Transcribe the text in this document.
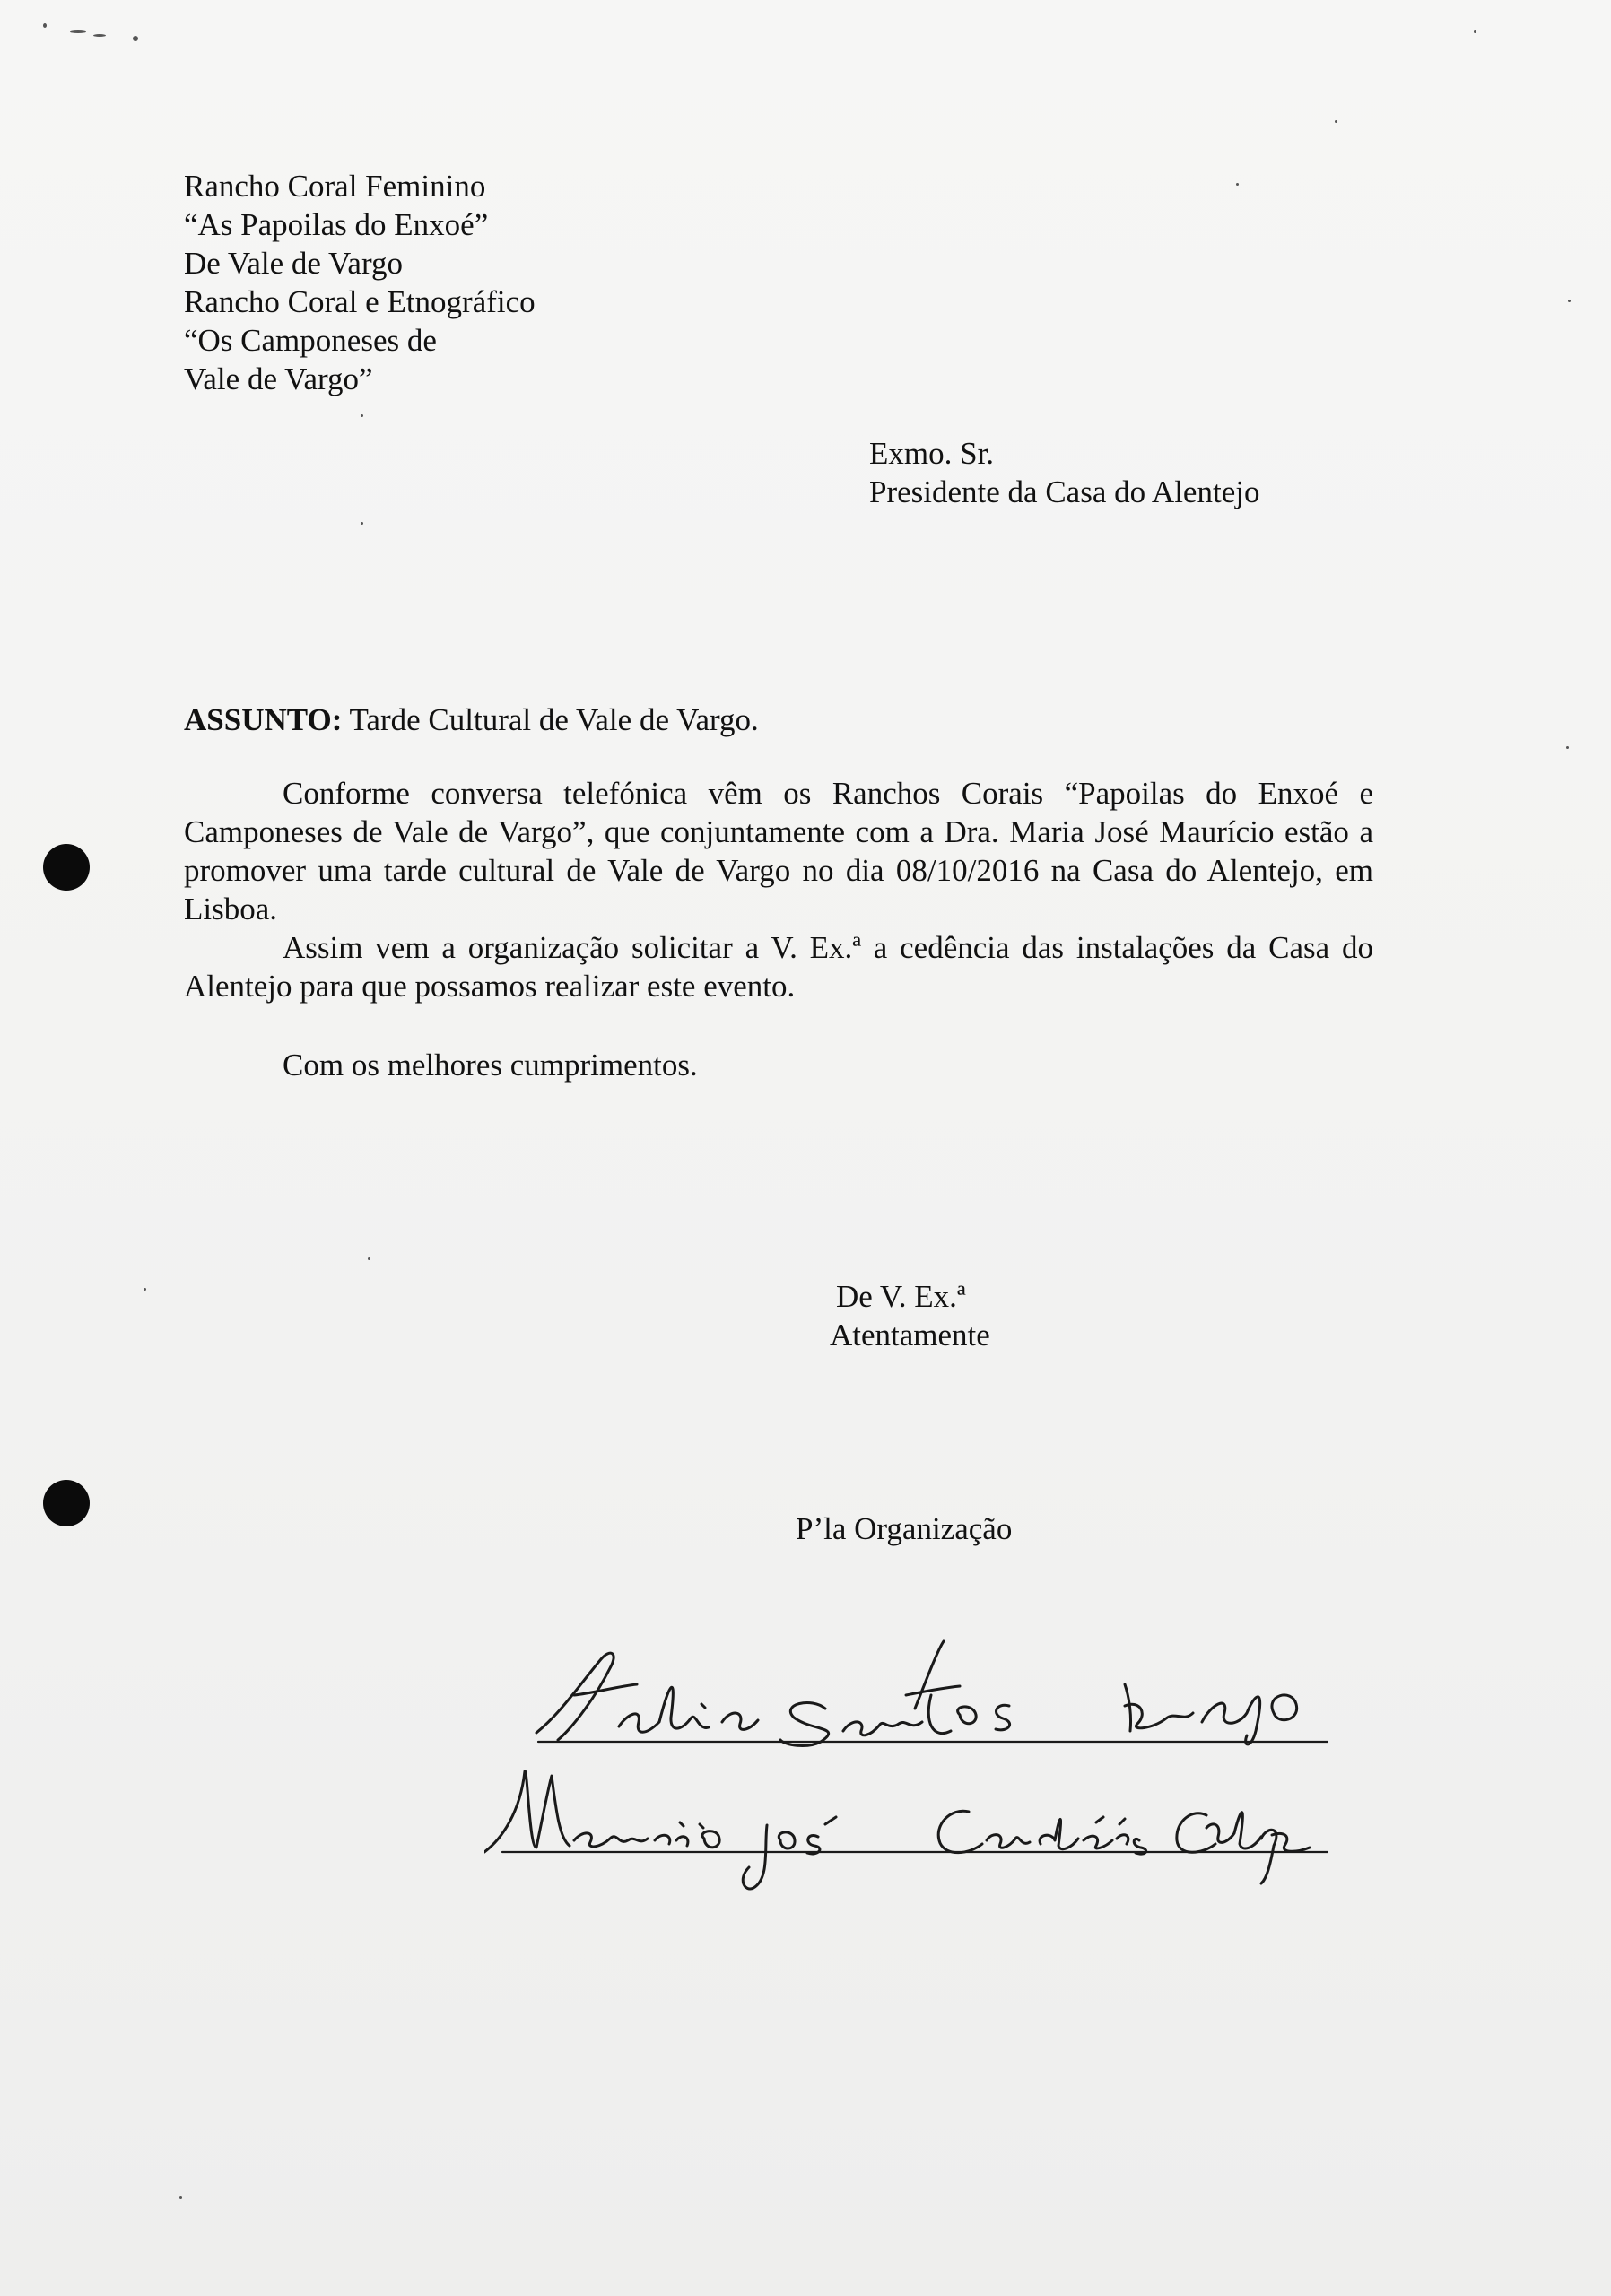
Rancho Coral Feminino
“As Papoilas do Enxoé”
De Vale de Vargo
Rancho Coral e Etnográfico
“Os Camponeses de
Vale de Vargo”
Exmo. Sr.
Presidente da Casa do Alentejo
ASSUNTO: Tarde Cultural de Vale de Vargo.

Conforme conversa telefónica vêm os Ranchos Corais “Papoilas do Enxoé e Camponeses de Vale de Vargo”, que conjuntamente com a Dra. Maria José Maurício estão a promover uma tarde cultural de Vale de Vargo no dia 08/10/2016 na Casa do Alentejo, em Lisboa.

Assim vem a organização solicitar a V. Ex.ª a cedência das instalações da Casa do Alentejo para que possamos realizar este evento.

Com os melhores cumprimentos.
De V. Ex.ª
Atentamente
P’la Organização
